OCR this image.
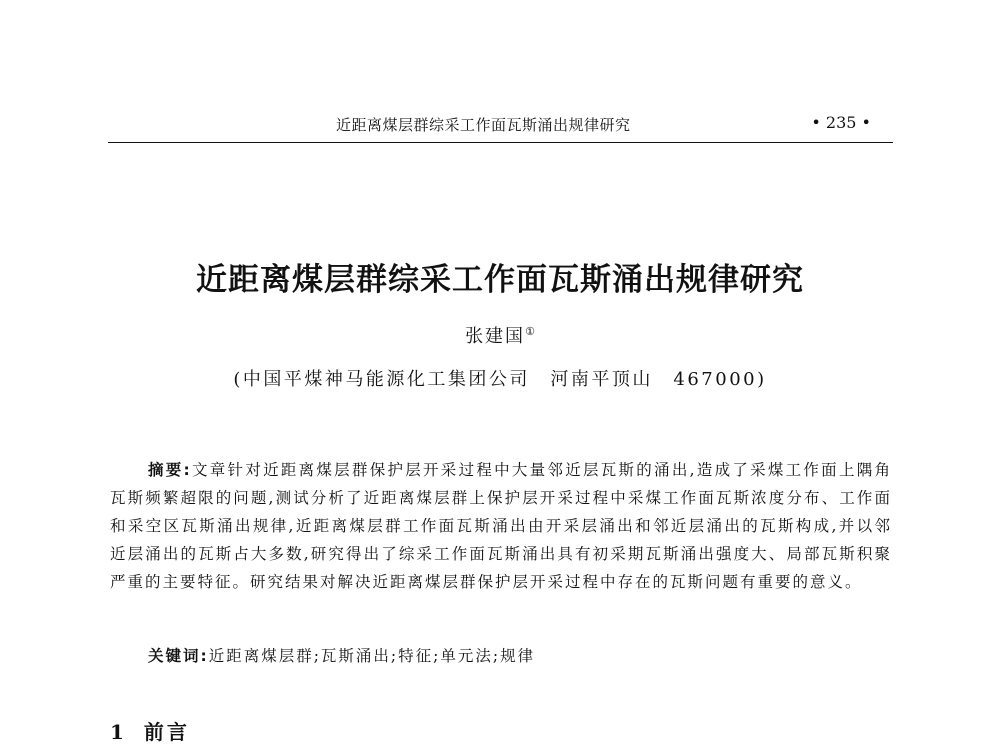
近距离煤层群综采工作面瓦斯涌出规律研究	• 235 •
近距离煤层群综采工作面瓦斯涌出规律研究
张建国①
(中国平煤神马能源化工集团公司　河南平顶山　467000)
摘要:文章针对近距离煤层群保护层开采过程中大量邻近层瓦斯的涌出,造成了采煤工作面上隅角瓦斯频繁超限的问题,测试分析了近距离煤层群上保护层开采过程中采煤工作面瓦斯浓度分布、工作面和采空区瓦斯涌出规律,近距离煤层群工作面瓦斯涌出由开采层涌出和邻近层涌出的瓦斯构成,并以邻近层涌出的瓦斯占大多数,研究得出了综采工作面瓦斯涌出具有初采期瓦斯涌出强度大、局部瓦斯积聚严重的主要特征。研究结果对解决近距离煤层群保护层开采过程中存在的瓦斯问题有重要的意义。
关键词:近距离煤层群;瓦斯涌出;特征;单元法;规律
1 前言
